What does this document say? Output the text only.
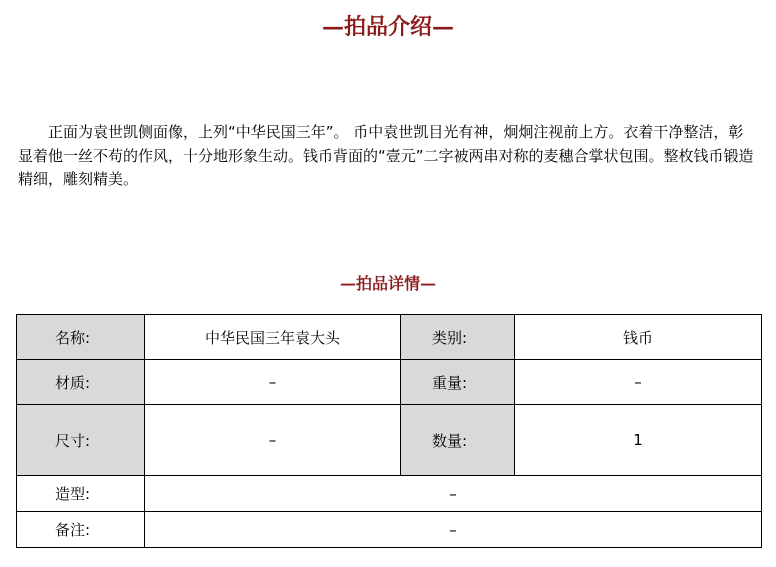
—拍品介绍—

正面为袁世凯侧面像，上列“中华民国三年”。 币中袁世凯目光有神，炯炯注视前上方。衣着干净整洁，彰显着他一丝不苟的作风，十分地形象生动。钱币背面的“壹元”二字被两串对称的麦穗合掌状包围。整枚钱币锻造精细，雕刻精美。

—拍品详情—
名称:	中华民国三年袁大头	类别:	钱币
材质:	–	重量:	–
尺寸:	–	数量:	1
造型:	–		
备注:	–		
